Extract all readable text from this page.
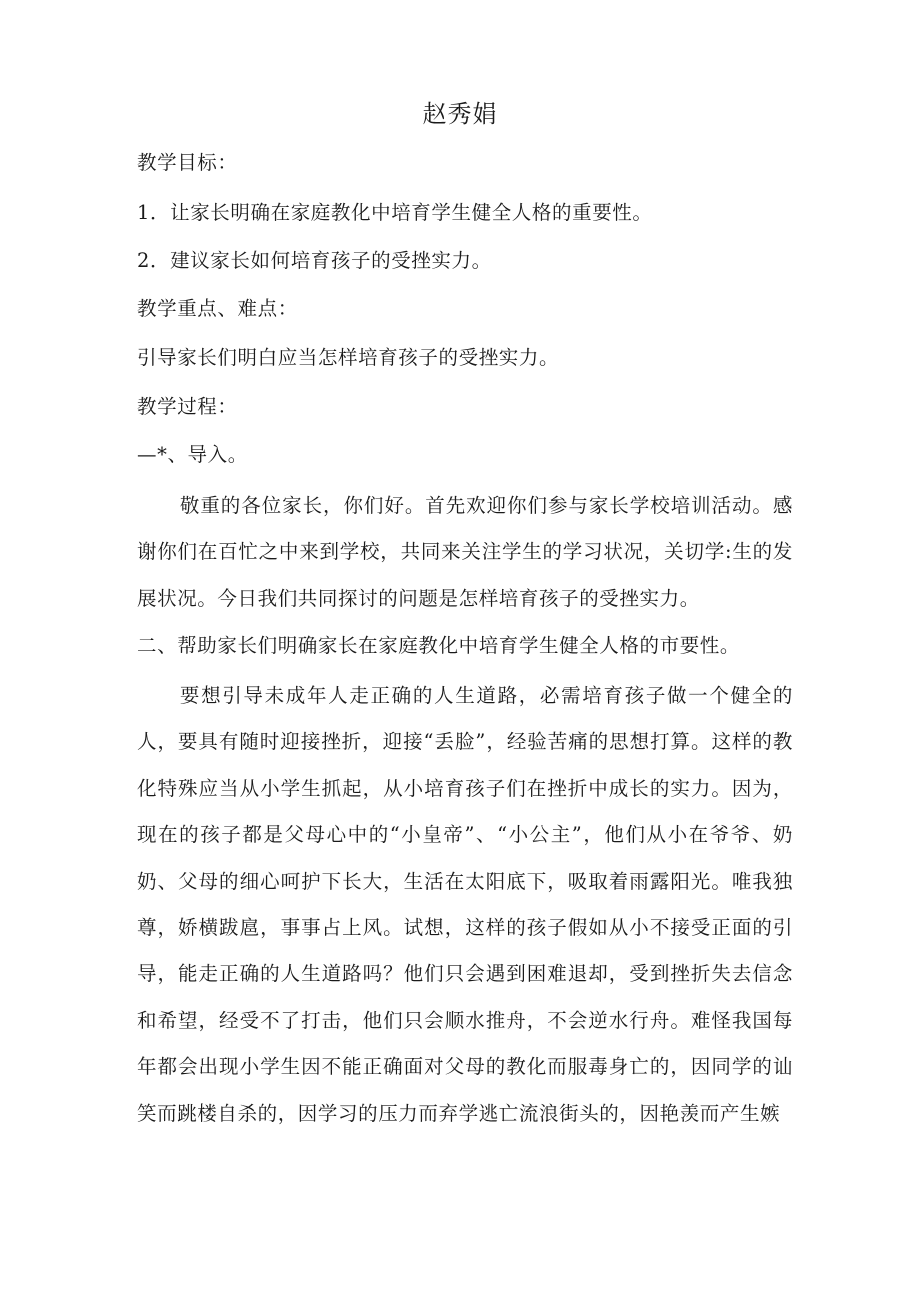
赵秀娟
教学目标：
1．让家长明确在家庭教化中培育学生健全人格的重要性。
2．建议家长如何培育孩子的受挫实力。
教学重点、难点：
引导家长们明白应当怎样培育孩子的受挫实力。
教学过程：
—*、导入。

敬重的各位家长，你们好。首先欢迎你们参与家长学校培训活动。感谢你们在百忙之中来到学校，共同来关注学生的学习状况，关切学:生的发展状况。今日我们共同探讨的问题是怎样培育孩子的受挫实力。

二、帮助家长们明确家长在家庭教化中培育学生健全人格的市要性。

要想引导未成年人走正确的人生道路，必需培育孩子做一个健全的人，要具有随时迎接挫折，迎接“丢脸”，经验苦痛的思想打算。这样的教化特殊应当从小学生抓起，从小培育孩子们在挫折中成长的实力。因为，现在的孩子都是父母心中的“小皇帝”、“小公主”，他们从小在爷爷、奶奶、父母的细心呵护下长大，生活在太阳底下，吸取着雨露阳光。唯我独尊，娇横跋扈，事事占上风。试想，这样的孩子假如从小不接受正面的引导，能走正确的人生道路吗？他们只会遇到困难退却，受到挫折失去信念和希望，经受不了打击，他们只会顺水推舟，不会逆水行舟。难怪我国每年都会出现小学生因不能正确面对父母的教化而服毒身亡的，因同学的讪笑而跳楼自杀的，因学习的压力而弃学逃亡流浪街头的，因艳羡而产生嫉
